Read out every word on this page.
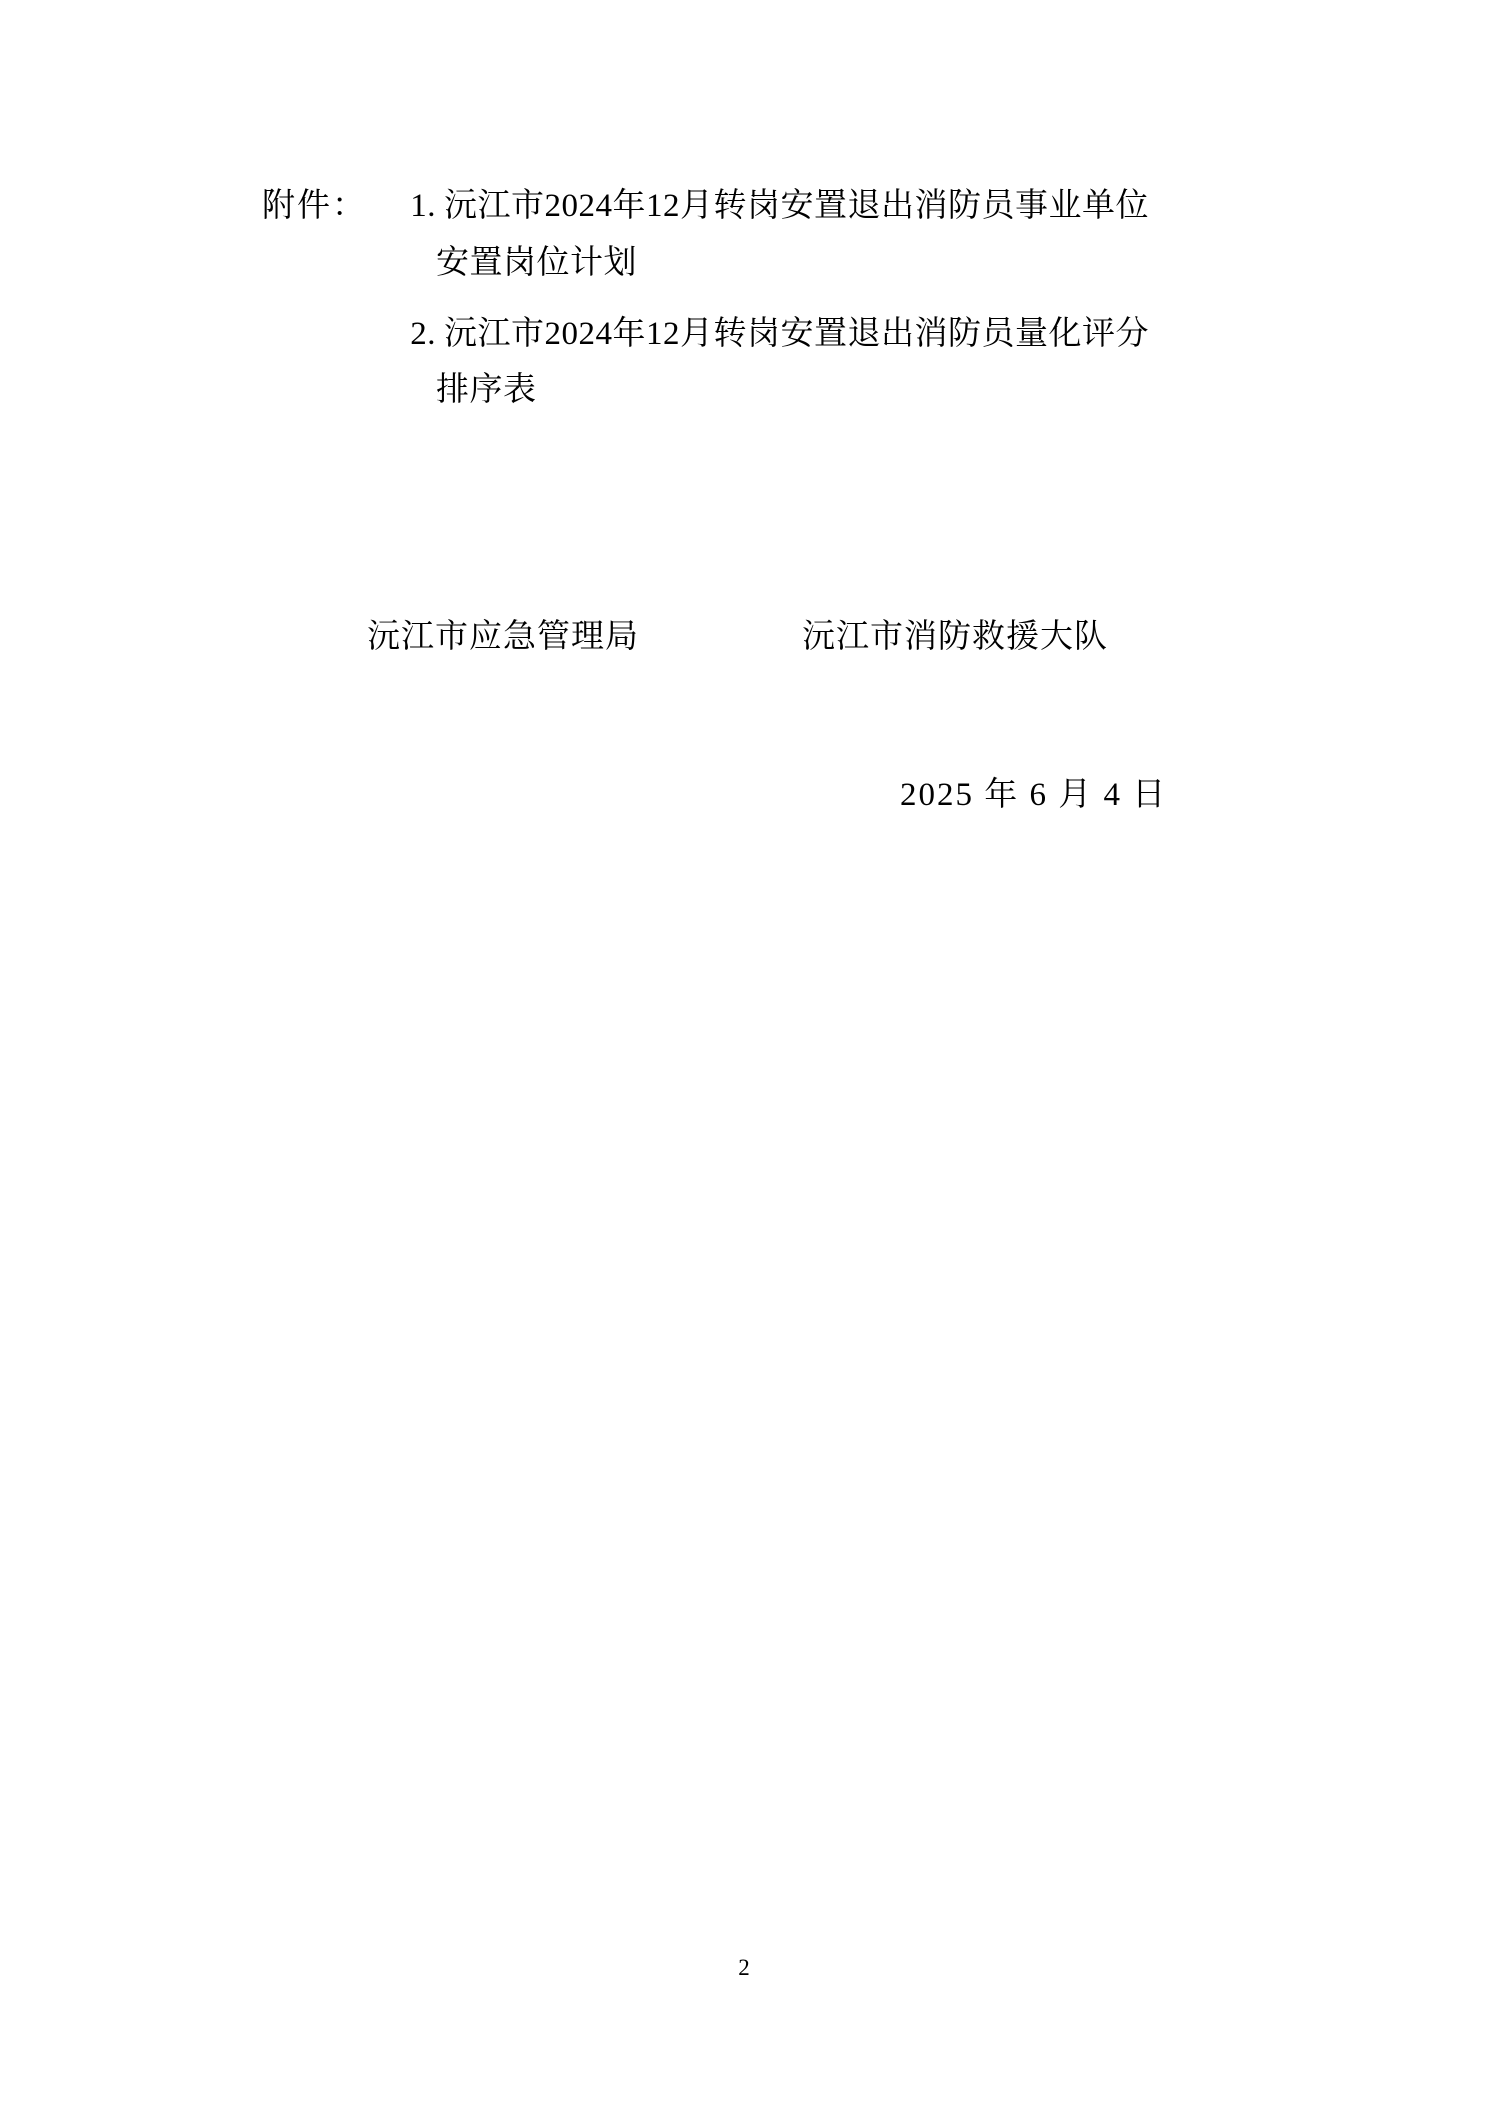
附件：	1. 沅江市2024年12月转岗安置退出消防员事业单位
安置岗位计划
2. 沅江市2024年12月转岗安置退出消防员量化评分
排序表
沅江市应急管理局	沅江市消防救援大队
2025 年 6 月 4 日
2
